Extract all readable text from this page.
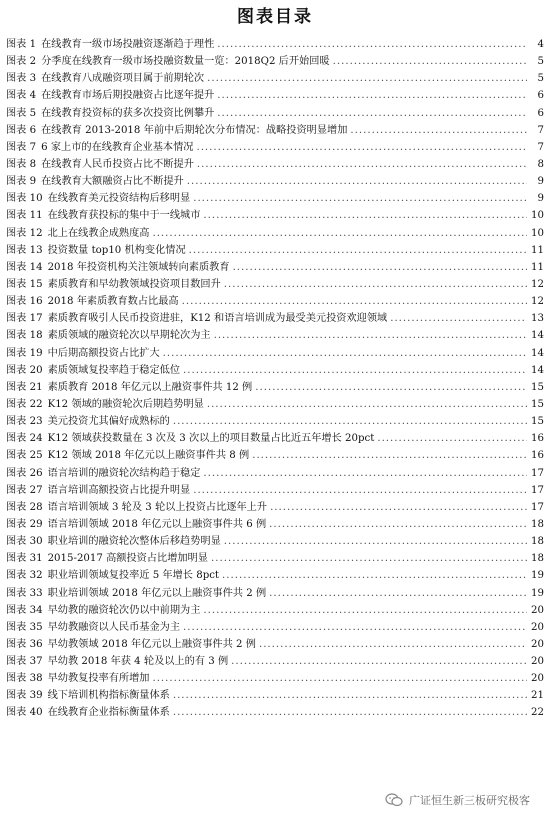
图表目录
图表 1 在线教育一级市场投融资逐渐趋于理性 .....	4
图表 2 分季度在线教育一级市场投融资数量一览：2018Q2 后开始回暖 .....	5
图表 3 在线教育八成融资项目属于前期轮次 .....	5
图表 4 在线教育市场后期投融资占比逐年提升 .....	6
图表 5 在线教育投资标的获多次投资比例攀升 .....	6
图表 6 在线教育 2013-2018 年前中后期轮次分布情况：战略投资明显增加 .....	7
图表 7 6 家上市的在线教育企业基本情况 .....	7
图表 8 在线教育人民币投资占比不断提升 .....	8
图表 9 在线教育大额融资占比不断提升 .....	9
图表 10 在线教育美元投资结构后移明显 .....	9
图表 11 在线教育获投标的集中于一线城市 .....	10
图表 12 北上在线教企成熟度高 .....	10
图表 13 投资数量 top10 机构变化情况 .....	11
图表 14 2018 年投资机构关注领域转向素质教育 .....	11
图表 15 素质教育和早幼教领域投资项目数回升 .....	12
图表 16 2018 年素质教育数占比最高 .....	12
图表 17 素质教育吸引人民币投资进驻，K12 和语言培训成为最受美元投资欢迎领域 .....	13
图表 18 素质领域的融资轮次以早期轮次为主 .....	14
图表 19 中后期高额投资占比扩大 .....	14
图表 20 素质领域复投率趋于稳定低位 .....	14
图表 21 素质教育 2018 年亿元以上融资事件共 12 例 .....	15
图表 22 K12 领域的融资轮次后期趋势明显 .....	15
图表 23 美元投资尤其偏好成熟标的 .....	15
图表 24 K12 领域获投数量在 3 次及 3 次以上的项目数量占比近五年增长 20pct .....	16
图表 25 K12 领域 2018 年亿元以上融资事件共 8 例 .....	16
图表 26 语言培训的融资轮次结构趋于稳定 .....	17
图表 27 语言培训高额投资占比提升明显 .....	17
图表 28 语言培训领域 3 轮及 3 轮以上投资占比逐年上升 .....	17
图表 29 语言培训领域 2018 年亿元以上融资事件共 6 例 .....	18
图表 30 职业培训的融资轮次整体后移趋势明显 .....	18
图表 31 2015-2017 高额投资占比增加明显 .....	18
图表 32 职业培训领域复投率近 5 年增长 8pct .....	19
图表 33 职业培训领域 2018 年亿元以上融资事件共 2 例 .....	19
图表 34 早幼教的融资轮次仍以中前期为主 .....	20
图表 35 早幼教融资以人民币基金为主 .....	20
图表 36 早幼教领域 2018 年亿元以上融资事件共 2 例 .....	20
图表 37 早幼教 2018 年获 4 轮及以上的有 3 例 .....	20
图表 38 早幼教复投率有所增加 .....	20
图表 39 线下培训机构指标衡量体系 .....	21
图表 40 在线教育企业指标衡量体系 .....	22
广证恒生新三板研究极客
